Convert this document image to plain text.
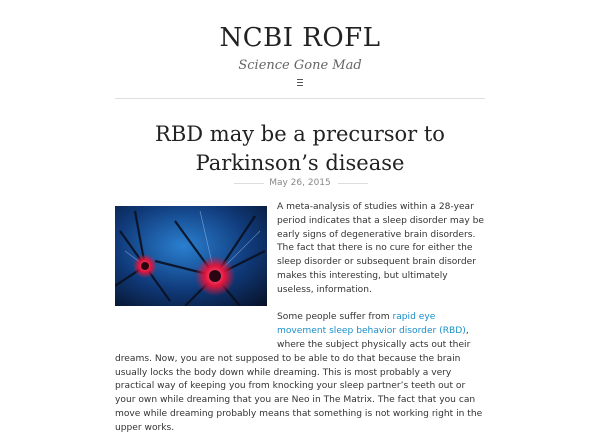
NCBI ROFL
Science Gone Mad
RBD may be a precursor to Parkinson’s disease
May 26, 2015

A meta-analysis of studies within a 28-year period indicates that a sleep disorder may be early signs of degenerative brain disorders. The fact that there is no cure for either the sleep disorder or subsequent brain disorder makes this interesting, but ultimately useless, information.

Some people suffer from rapid eye movement sleep behavior disorder (RBD), where the subject physically acts out their dreams. Now, you are not supposed to be able to do that because the brain usually locks the body down while dreaming. This is most probably a very practical way of keeping you from knocking your sleep partner’s teeth out or your own while dreaming that you are Neo in The Matrix. The fact that you can move while dreaming probably means that something is not working right in the upper works.
